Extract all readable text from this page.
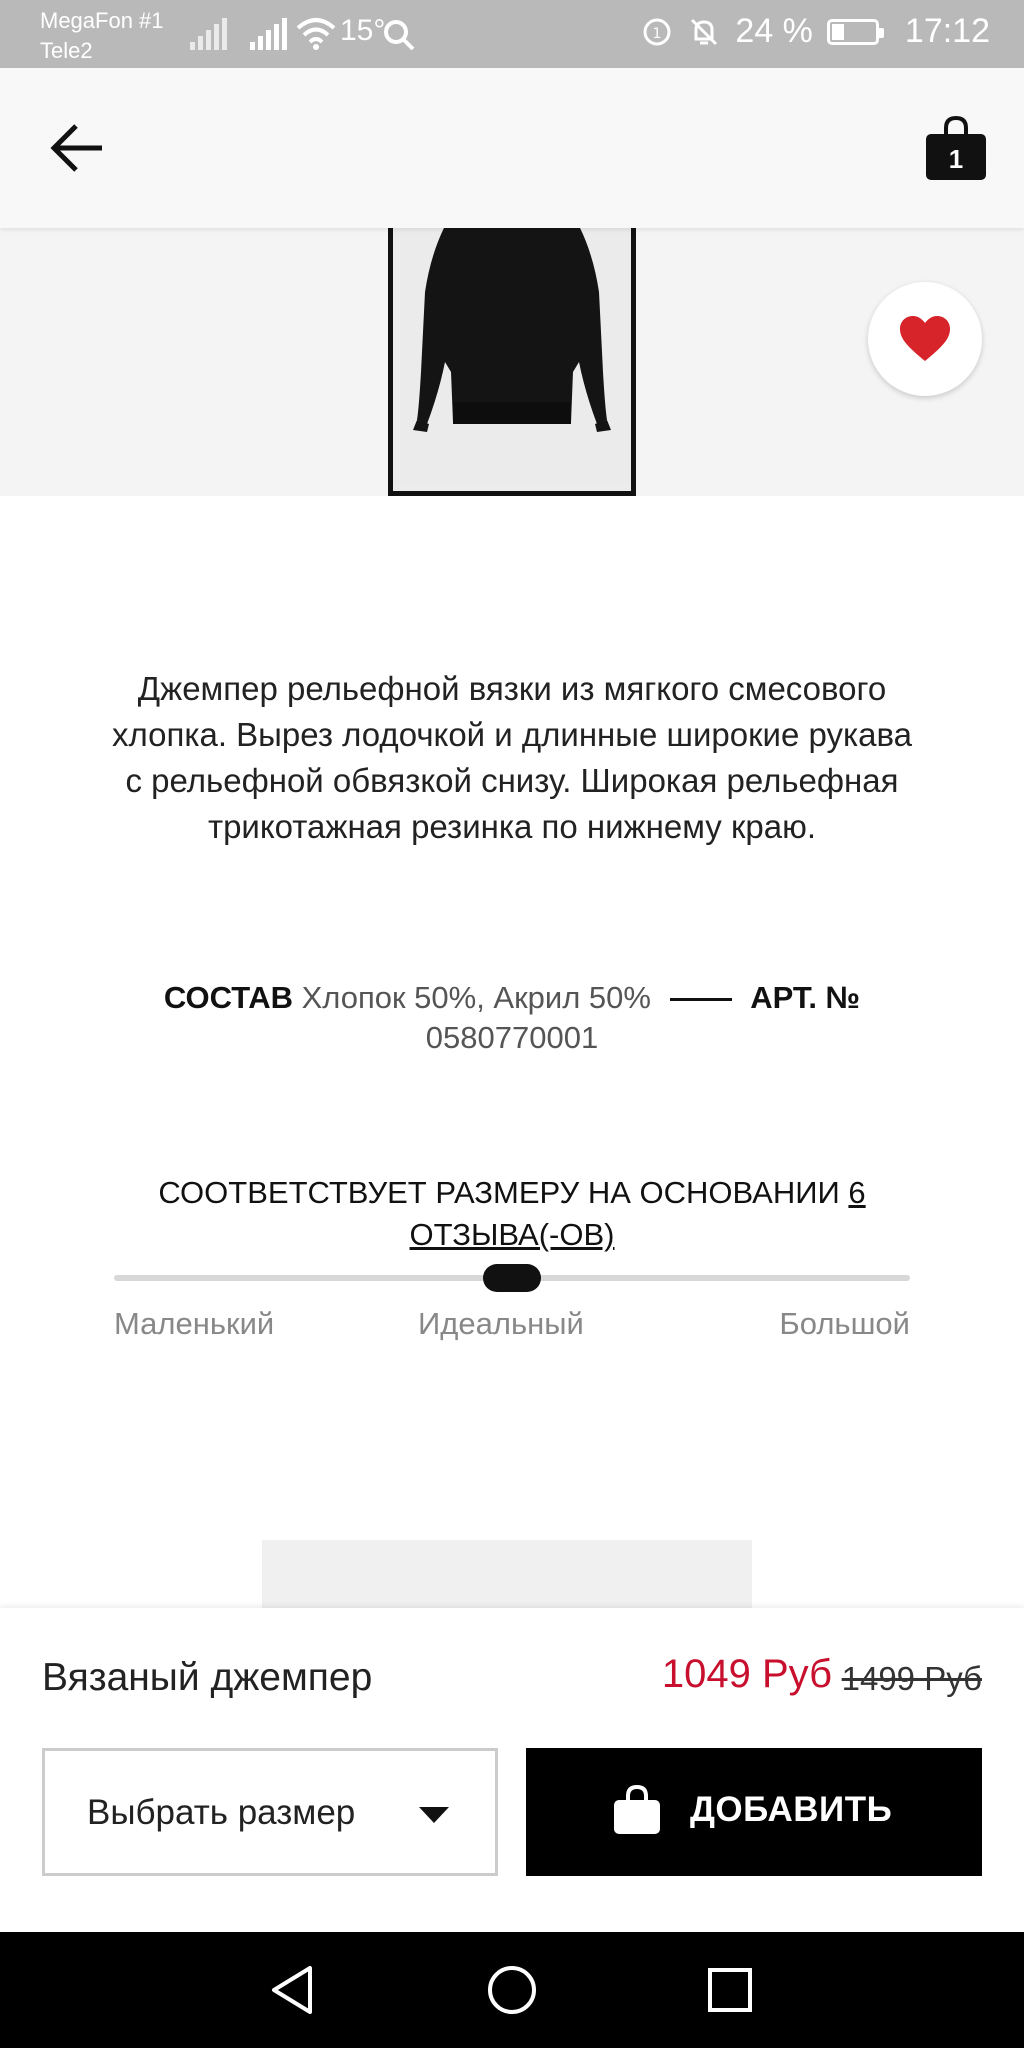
MegaFon #1
Tele2
15°	1 24 %	17:12
1
Джемпер рельефной вязки из мягкого смесового хлопка. Вырез лодочкой и длинные широкие рукава с рельефной обвязкой снизу. Широкая рельефная трикотажная резинка по нижнему краю.
СОСТАВ Хлопок 50%, Акрил 50%	АРТ. №
0580770001
СООТВЕТСТВУЕТ РАЗМЕРУ НА ОСНОВАНИИ 6 ОТЗЫВА(-ОВ)
Маленький	Идеальный	Большой
Вязаный джемпер	1049 Руб 1499 Руб
Выбрать размер	ДОБАВИТЬ
